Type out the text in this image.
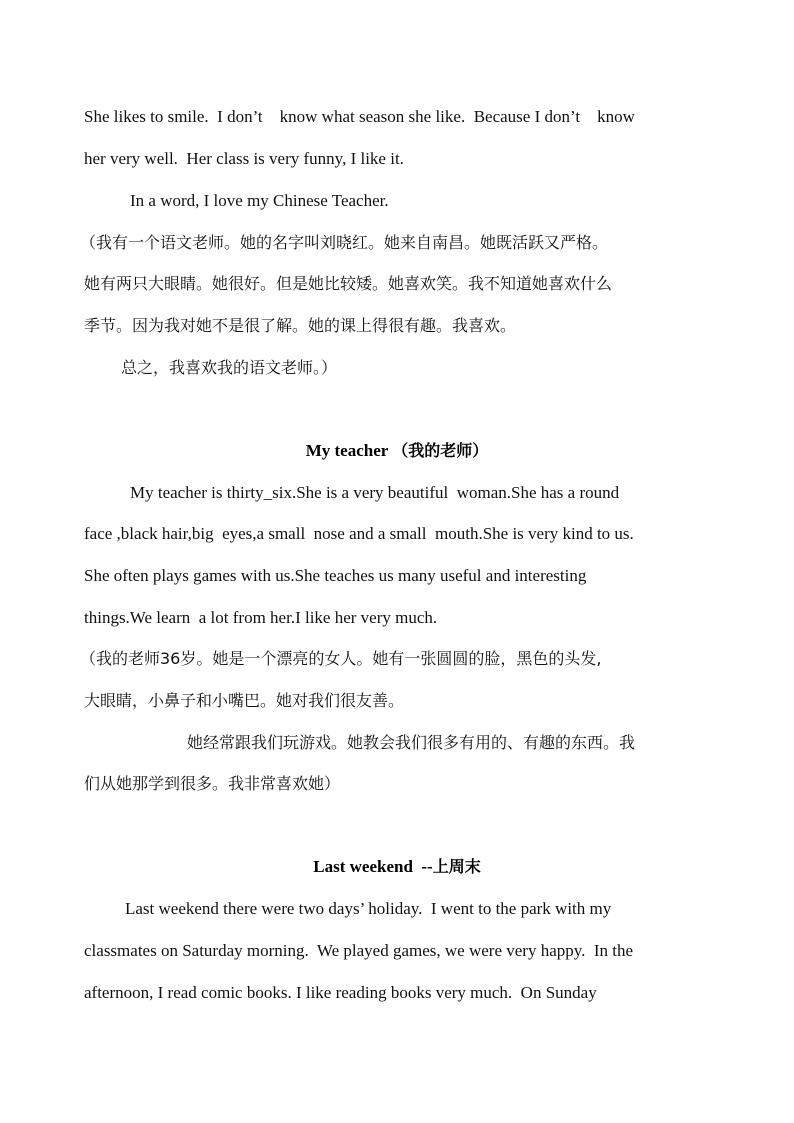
She likes to smile.  I don’t    know what season she like.  Because I don’t    know
her very well.  Her class is very funny, I like it.
In a word, I love my Chinese Teacher.
（我有一个语文老师。她的名字叫刘晓红。她来自南昌。她既活跃又严格。
她有两只大眼睛。她很好。但是她比较矮。她喜欢笑。我不知道她喜欢什么
季节。因为我对她不是很了解。她的课上得很有趣。我喜欢。
总之，我喜欢我的语文老师。）
My teacher （我的老师）
My teacher is thirty_six.She is a very beautiful  woman.She has a round
face ,black hair,big  eyes,a small  nose and a small  mouth.She is very kind to us.
She often plays games with us.She teaches us many useful and interesting
things.We learn  a lot from her.I like her very much.
（我的老师36岁。她是一个漂亮的女人。她有一张圆圆的脸，黑色的头发,
大眼睛，小鼻子和小嘴巴。她对我们很友善。
她经常跟我们玩游戏。她教会我们很多有用的、有趣的东西。我
们从她那学到很多。我非常喜欢她）
Last weekend  --上周末
Last weekend there were two days’ holiday.  I went to the park with my
classmates on Saturday morning.  We played games, we were very happy.  In the
afternoon, I read comic books. I like reading books very much.  On Sunday
